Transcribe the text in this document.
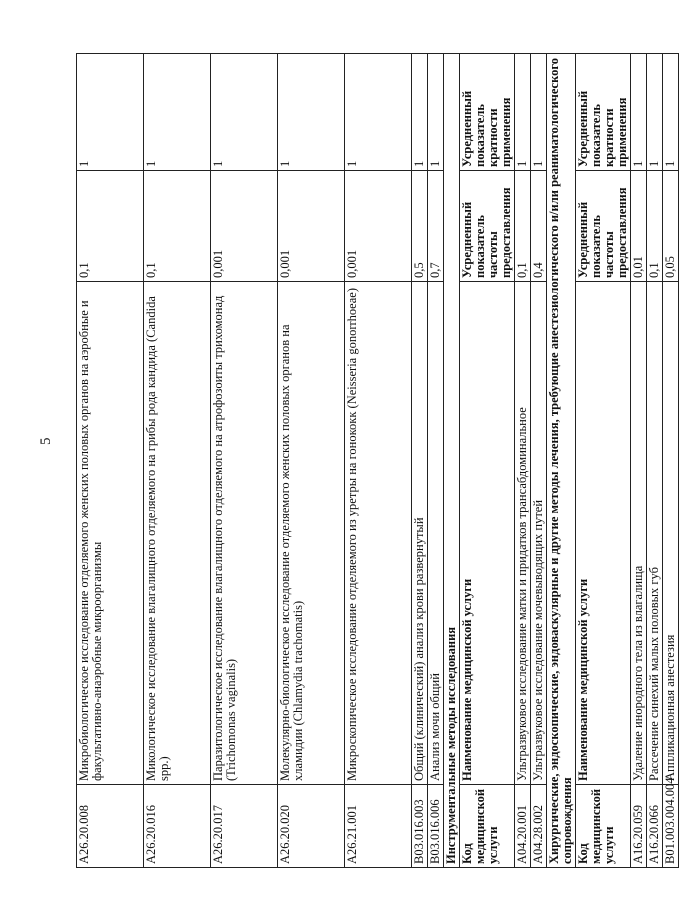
5
A26.20.008	Микробиологическое исследование отделяемого женских половых органов на аэробные и факультативно-анаэробные микроорганизмы	0,1	1
A26.20.016	Микологическое исследование влагалищного отделяемого на грибы рода кандида (Candida spp.)	0,1	1
A26.20.017	Паразитологическое исследование влагалищного отделяемого на атрофозоиты трихомонад (Trichomonas vaginalis)	0,001	1
A26.20.020	Молекулярно-биологическое исследование отделяемого женских половых органов на хламидии (Chlamydia trachomatis)	0,001	1
A26.21.001	Микроскопическое исследование отделяемого из уретры на гонококк (Neisseria gonorrhoeae)	0,001	1
B03.016.003	Общий (клинический) анализ крови развернутый	0,5	1
B03.016.006	Анализ мочи общий	0,7	1
Инструментальные методы исследования			
Код медицинской услуги	Наименование медицинской услуги	Усредненный показатель частоты предоставления	Усредненный показатель кратности применения
A04.20.001	Ультразвуковое исследование матки и придатков трансабдоминальное	0,1	1
A04.28.002	Ультразвуковое исследование мочевыводящих путей	0,4	1
Хирургические, эндоскопические, эндоваскулярные и другие методы лечения, требующие анестезиологического и/или реаниматологического сопровождения			
Код медицинской услуги	Наименование медицинской услуги	Усредненный показатель частоты предоставления	Усредненный показатель кратности применения
A16.20.059	Удаление инородного тела из влагалища	0,01	1
A16.20.066	Рассечение синехий малых половых губ	0,1	1
B01.003.004.004	Аппликационная анестезия	0,05	1
